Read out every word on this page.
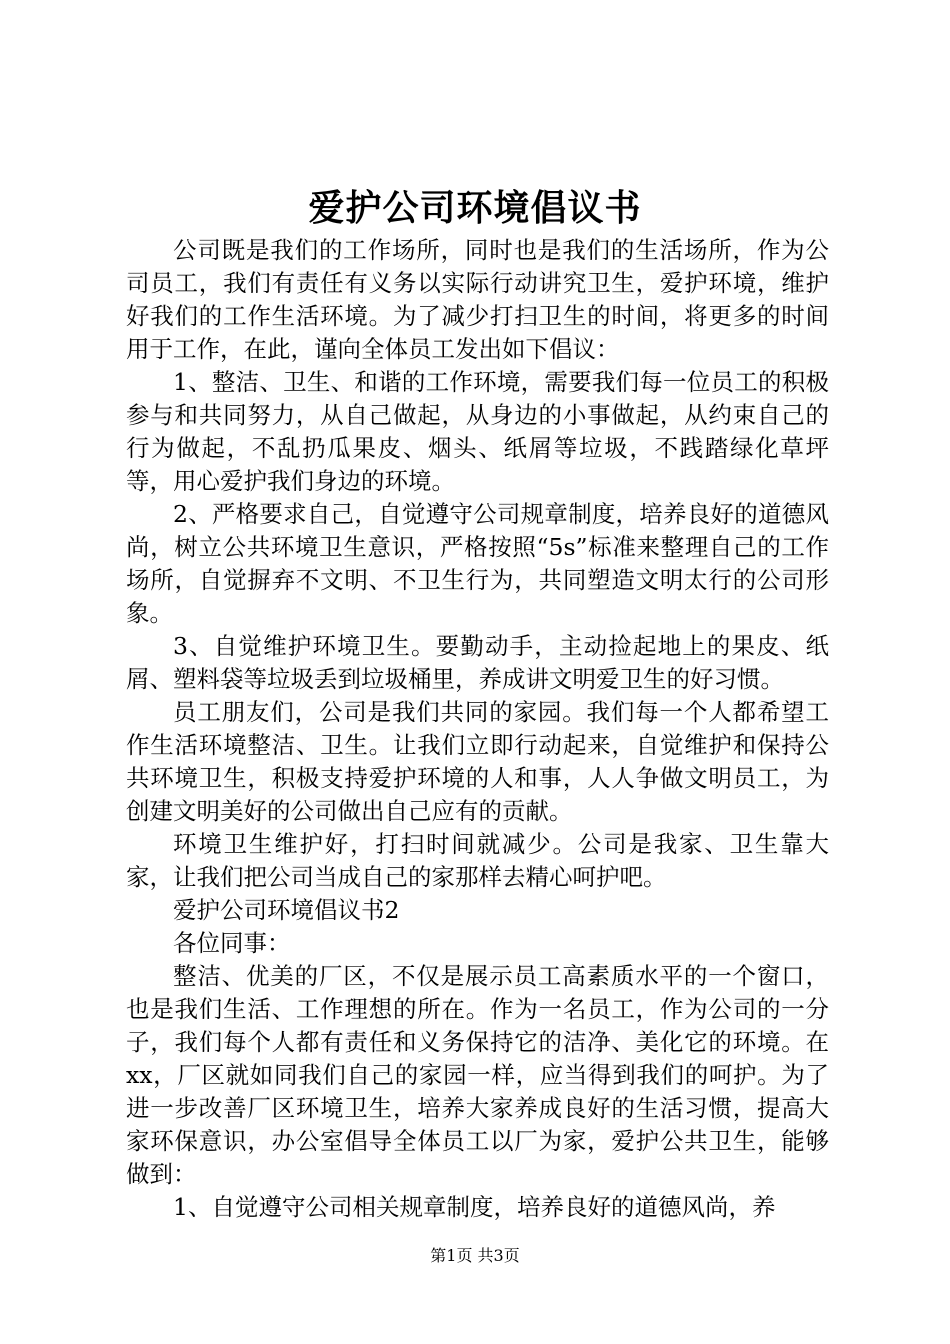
爱护公司环境倡议书

公司既是我们的工作场所，同时也是我们的生活场所，作为公司员工，我们有责任有义务以实际行动讲究卫生，爱护环境，维护好我们的工作生活环境。为了减少打扫卫生的时间，将更多的时间用于工作，在此，谨向全体员工发出如下倡议：

1、整洁、卫生、和谐的工作环境，需要我们每一位员工的积极参与和共同努力，从自己做起，从身边的小事做起，从约束自己的行为做起，不乱扔瓜果皮、烟头、纸屑等垃圾，不践踏绿化草坪等，用心爱护我们身边的环境。

2、严格要求自己，自觉遵守公司规章制度，培养良好的道德风尚，树立公共环境卫生意识，严格按照“5s”标准来整理自己的工作场所，自觉摒弃不文明、不卫生行为，共同塑造文明太行的公司形象。

3、自觉维护环境卫生。要勤动手，主动捡起地上的果皮、纸屑、塑料袋等垃圾丢到垃圾桶里，养成讲文明爱卫生的好习惯。

员工朋友们，公司是我们共同的家园。我们每一个人都希望工作生活环境整洁、卫生。让我们立即行动起来，自觉维护和保持公共环境卫生，积极支持爱护环境的人和事，人人争做文明员工，为创建文明美好的公司做出自己应有的贡献。

环境卫生维护好，打扫时间就减少。公司是我家、卫生靠大家，让我们把公司当成自己的家那样去精心呵护吧。

爱护公司环境倡议书2

各位同事：

整洁、优美的厂区，不仅是展示员工高素质水平的一个窗口，也是我们生活、工作理想的所在。作为一名员工，作为公司的一分子，我们每个人都有责任和义务保持它的洁净、美化它的环境。在xx，厂区就如同我们自己的家园一样，应当得到我们的呵护。为了进一步改善厂区环境卫生，培养大家养成良好的生活习惯，提高大家环保意识，办公室倡导全体员工以厂为家，爱护公共卫生，能够做到：

1、自觉遵守公司相关规章制度，培养良好的道德风尚，养

第1页 共3页
